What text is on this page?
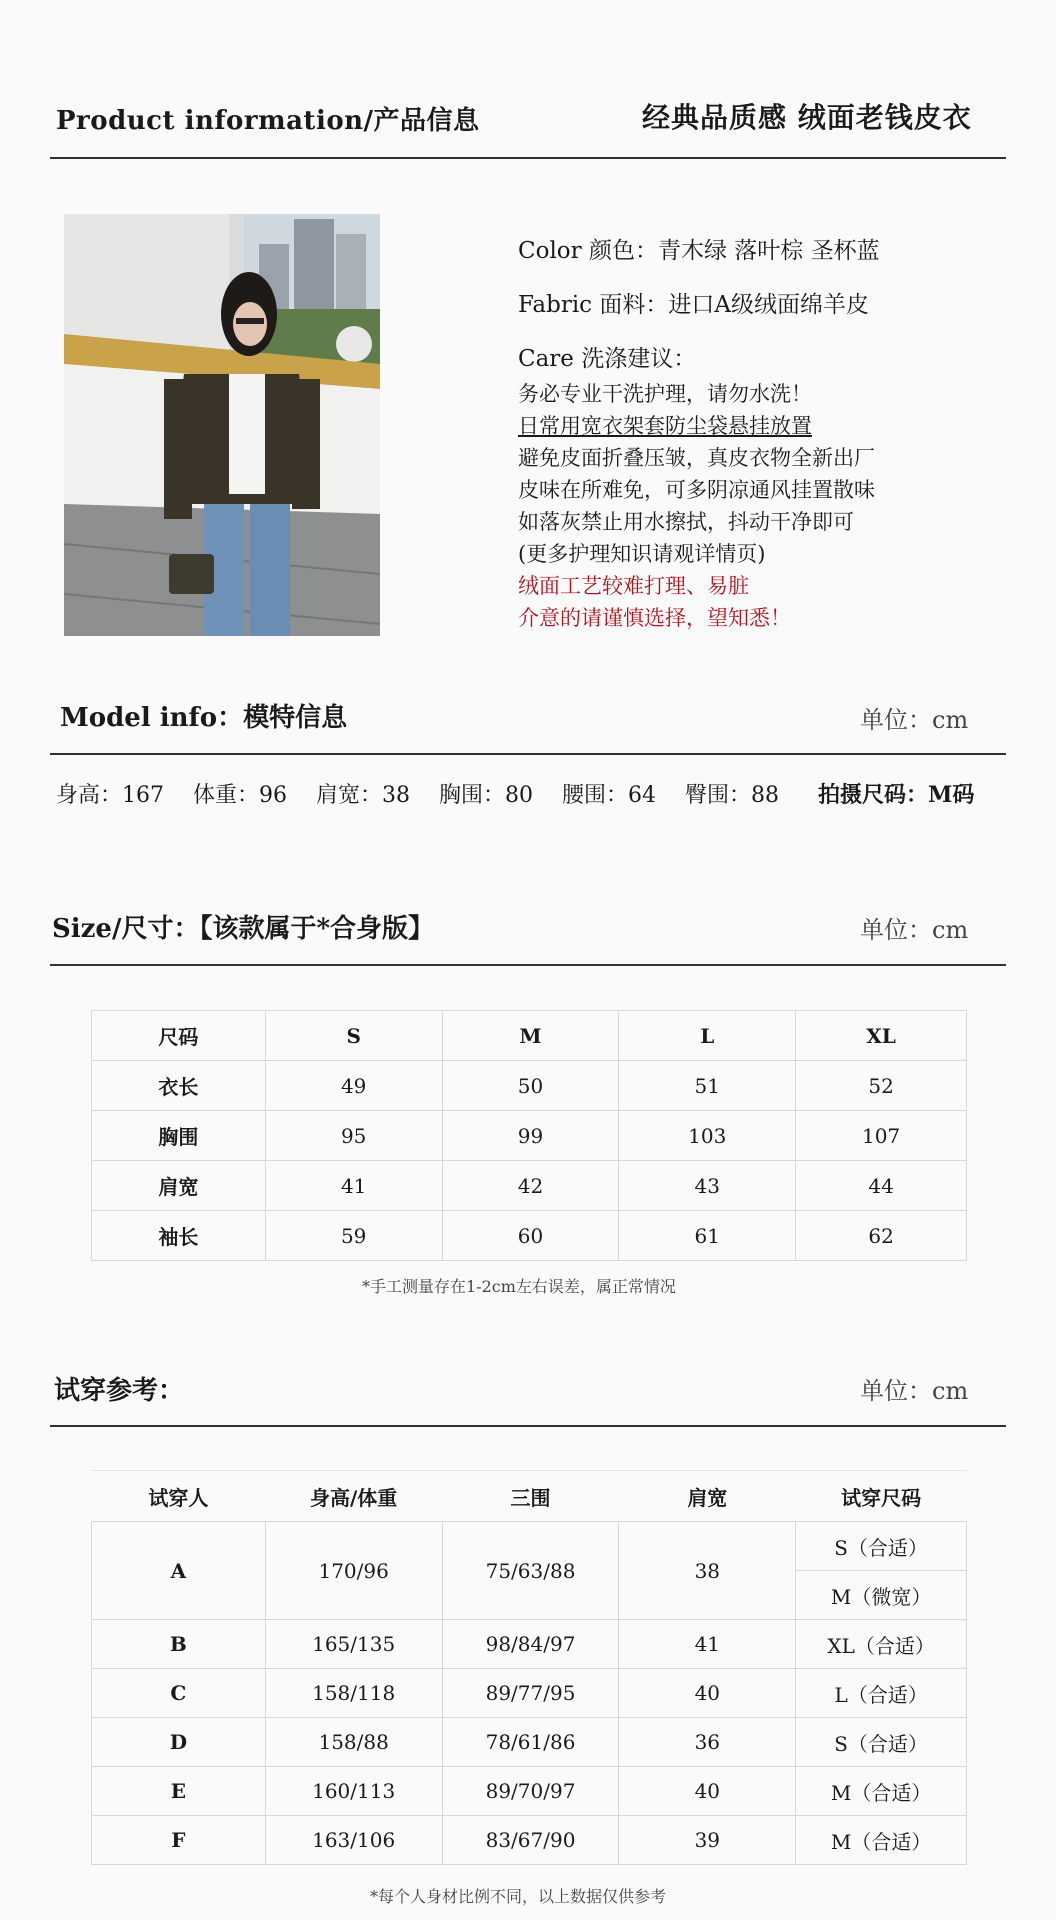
Product information/产品信息	经典品质感 绒面老钱皮衣
Color 颜色：青木绿 落叶棕 圣杯蓝
Fabric 面料：进口A级绒面绵羊皮
Care 洗涤建议：
务必专业干洗护理，请勿水洗！
日常用宽衣架套防尘袋悬挂放置
避免皮面折叠压皱，真皮衣物全新出厂
皮味在所难免，可多阴凉通风挂置散味
如落灰禁止用水擦拭，抖动干净即可
(更多护理知识请观详情页)
绒面工艺较难打理、易脏
介意的请谨慎选择，望知悉！
Model info：模特信息	单位：cm
身高：167 体重：96 肩宽：38 胸围：80 腰围：64 臀围：88 拍摄尺码：M码
Size/尺寸：【该款属于*合身版】	单位：cm
尺码	S	M	L	XL
衣长	49	50	51	52
胸围	95	99	103	107
肩宽	41	42	43	44
袖长	59	60	61	62
*手工测量存在1-2cm左右误差，属正常情况
试穿参考：	单位：cm
试穿人	身高/体重	三围	肩宽	试穿尺码
A	170/96	75/63/88	38	S（合适）
				M（微宽）
B	165/135	98/84/97	41	XL（合适）
C	158/118	89/77/95	40	L（合适）
D	158/88	78/61/86	36	S（合适）
E	160/113	89/70/97	40	M（合适）
F	163/106	83/67/90	39	M（合适）
*每个人身材比例不同，以上数据仅供参考
